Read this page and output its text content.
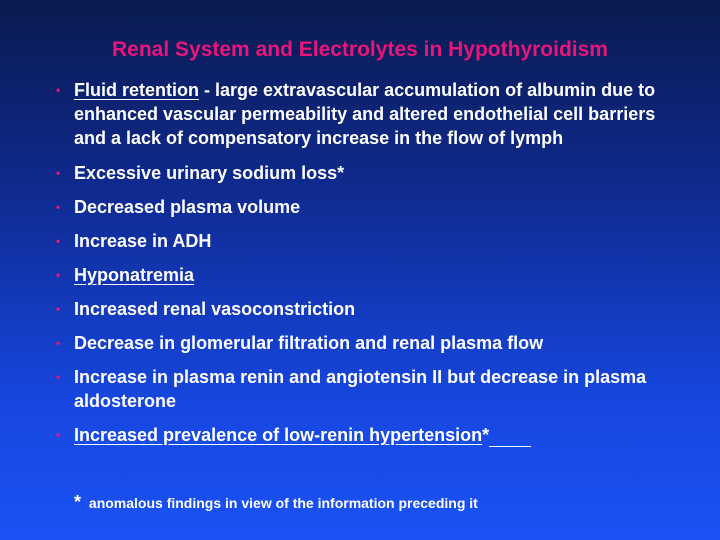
Renal System and Electrolytes in Hypothyroidism
• Fluid retention - large extravascular accumulation of albumin due to enhanced vascular permeability and altered endothelial cell barriers and a lack of compensatory increase in the flow of lymph
• Excessive urinary sodium loss*
• Decreased plasma volume
• Increase in ADH
• Hyponatremia
• Increased renal vasoconstriction
• Decrease in glomerular filtration and renal plasma flow
• Increase in plasma renin and angiotensin II but decrease in plasma aldosterone
• Increased prevalence of low-renin hypertension*
* anomalous findings in view of the information preceding it
